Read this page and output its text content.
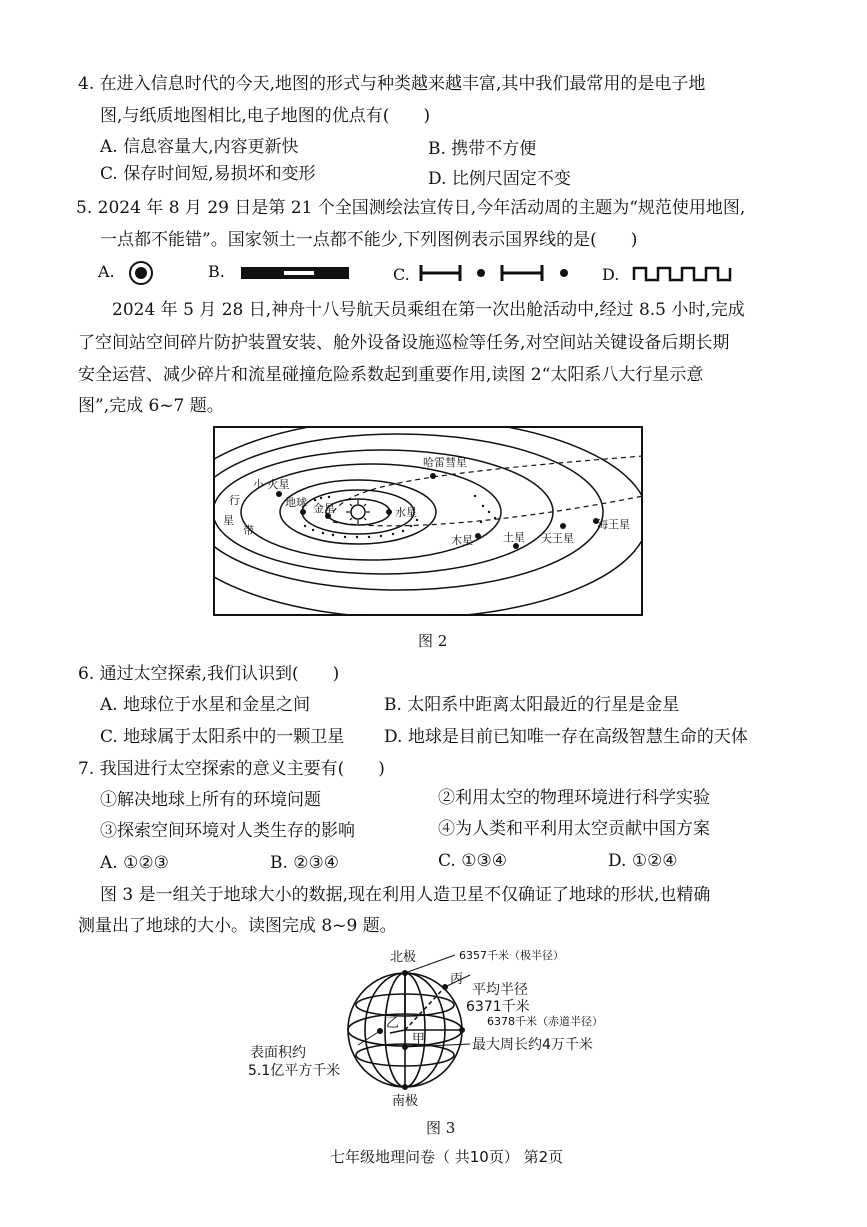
4. 在进入信息时代的今天,地图的形式与种类越来越丰富,其中我们最常用的是电子地
图,与纸质地图相比,电子地图的优点有(　　)
A. 信息容量大,内容更新快	B. 携带不方便
C. 保存时间短,易损坏和变形	D. 比例尺固定不变
5. 2024 年 8 月 29 日是第 21 个全国测绘法宣传日,今年活动周的主题为“规范使用地图,
一点都不能错”。国家领土一点都不能少,下列图例表示国界线的是(　　)
A.	B.	C.	D.
2024 年 5 月 28 日,神舟十八号航天员乘组在第一次出舱活动中,经过 8.5 小时,完成
了空间站空间碎片防护装置安装、舱外设备设施巡检等任务,对空间站关键设备后期长期
安全运营、减少碎片和流星碰撞危险系数起到重要作用,读图 2“太阳系八大行星示意
图”,完成 6~7 题。
小 火星
地球 金星	水星
哈雷彗星
木星	土星 天王星
海王星
行
星
带
图 2
6. 通过太空探索,我们认识到(　　)
A. 地球位于水星和金星之间	B. 太阳系中距离太阳最近的行星是金星
C. 地球属于太阳系中的一颗卫星 D. 地球是目前已知唯一存在高级智慧生命的天体
7. 我国进行太空探索的意义主要有(　　)
①解决地球上所有的环境问题	②利用太空的物理环境进行科学实验
③探索空间环境对人类生存的影响	④为人类和平利用太空贡献中国方案
A. ①②③	B. ②③④	C. ①③④	D. ①②④
图 3 是一组关于地球大小的数据,现在利用人造卫星不仅确证了地球的形状,也精确
测量出了地球的大小。读图完成 8~9 题。
北极	6357千米（极半径）
丙
平均半径
6371千米
6378千米（赤道半径）
乙
甲	最大周长约4万千米
表面积约
5.1亿平方千米
南极
图 3
七年级地理问卷（ 共10页） 第2页
